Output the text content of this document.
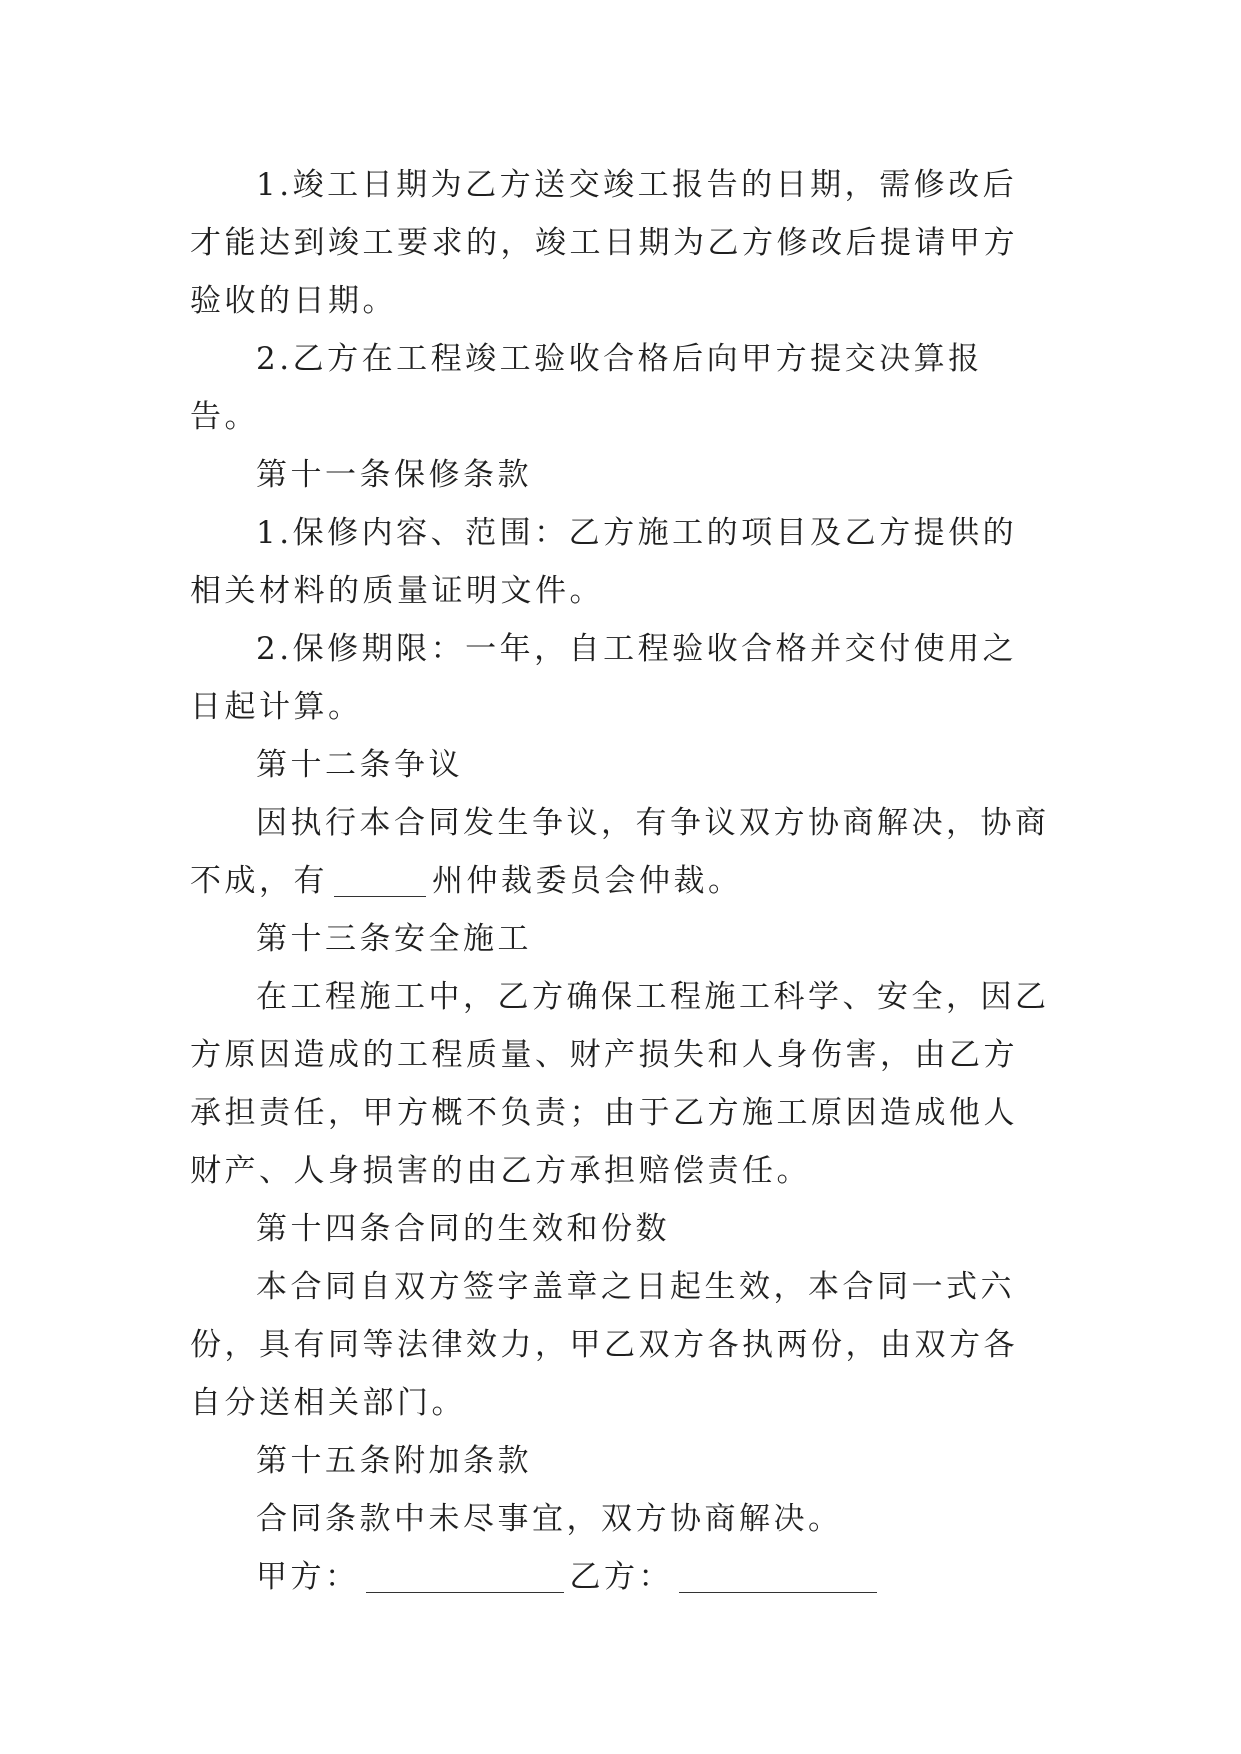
1.竣工日期为乙方送交竣工报告的日期，需修改后才能达到竣工要求的，竣工日期为乙方修改后提请甲方验收的日期。

2.乙方在工程竣工验收合格后向甲方提交决算报告。

第十一条保修条款

1.保修内容、范围：乙方施工的项目及乙方提供的相关材料的质量证明文件。

2.保修期限：一年，自工程验收合格并交付使用之日起计算。

第十二条争议

因执行本合同发生争议，有争议双方协商解决，协商不成，有	州仲裁委员会仲裁。

第十三条安全施工

在工程施工中，乙方确保工程施工科学、安全，因乙方原因造成的工程质量、财产损失和人身伤害，由乙方承担责任，甲方概不负责；由于乙方施工原因造成他人财产、人身损害的由乙方承担赔偿责任。

第十四条合同的生效和份数

本合同自双方签字盖章之日起生效，本合同一式六份，具有同等法律效力，甲乙双方各执两份，由双方各自分送相关部门。

第十五条附加条款

合同条款中未尽事宜，双方协商解决。

甲方：	乙方：
